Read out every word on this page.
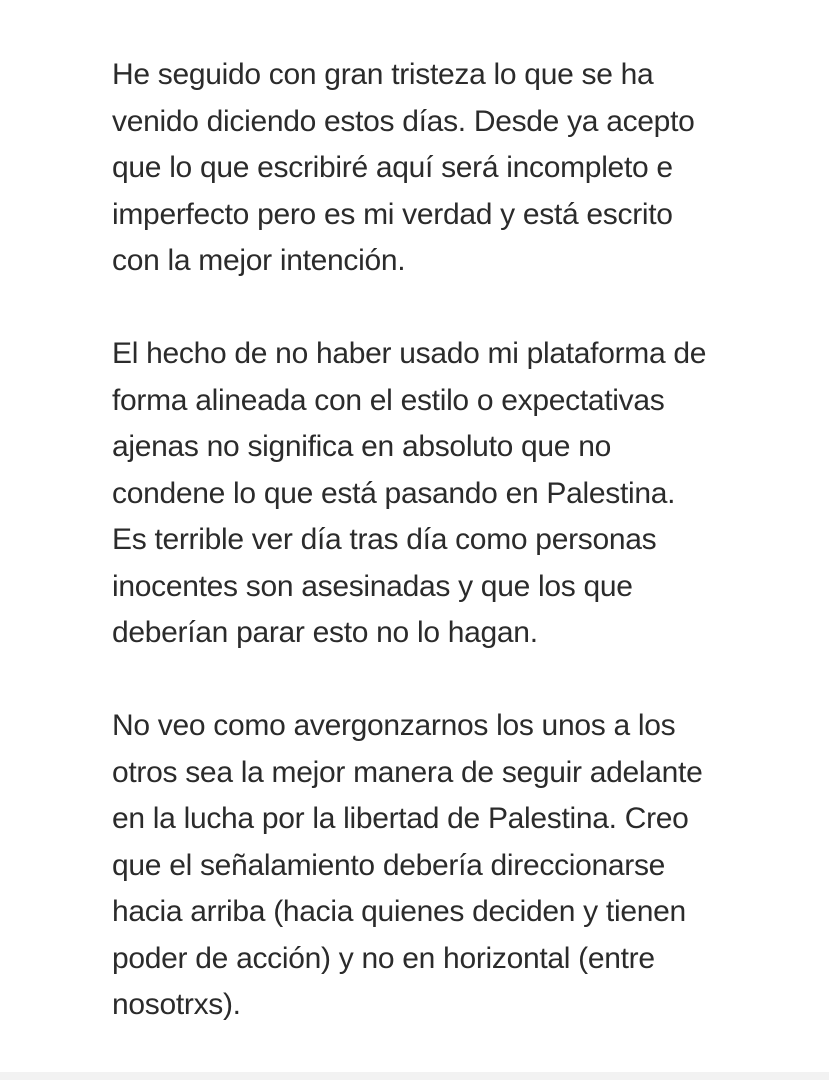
He seguido con gran tristeza lo que se ha
venido diciendo estos días. Desde ya acepto
que lo que escribiré aquí será incompleto e
imperfecto pero es mi verdad y está escrito
con la mejor intención.

El hecho de no haber usado mi plataforma de
forma alineada con el estilo o expectativas
ajenas no significa en absoluto que no
condene lo que está pasando en Palestina.
Es terrible ver día tras día como personas
inocentes son asesinadas y que los que
deberían parar esto no lo hagan.

No veo como avergonzarnos los unos a los
otros sea la mejor manera de seguir adelante
en la lucha por la libertad de Palestina. Creo
que el señalamiento debería direccionarse
hacia arriba (hacia quienes deciden y tienen
poder de acción) y no en horizontal (entre
nosotrxs).
